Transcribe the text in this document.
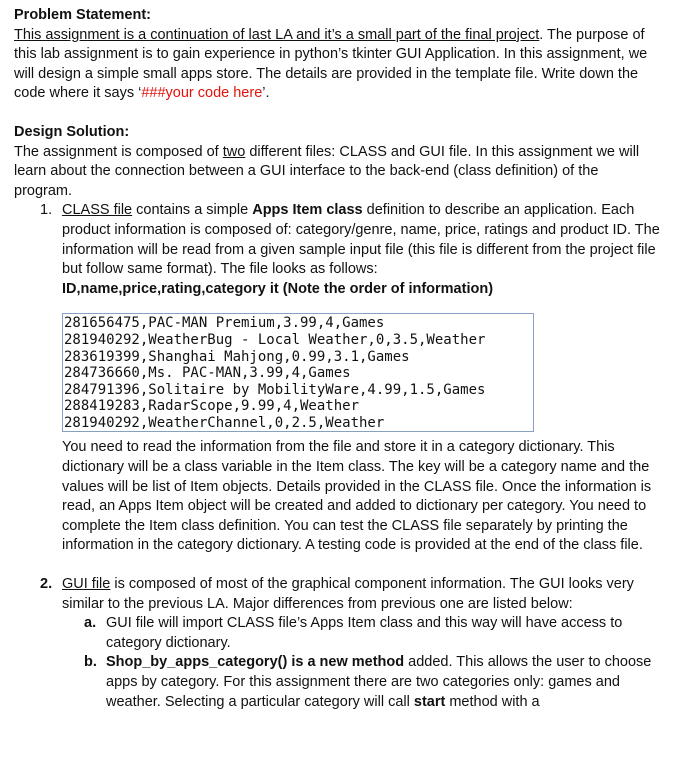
Problem Statement:

This assignment is a continuation of last LA and it’s a small part of the final project. The purpose of this lab assignment is to gain experience in python’s tkinter GUI Application. In this assignment, we will design a simple small apps store. The details are provided in the template file. Write down the code where it says ‘###your code here’.

Design Solution:

The assignment is composed of two different files: CLASS and GUI file. In this assignment we will learn about the connection between a GUI interface to the back-end (class definition) of the program.

1. CLASS file contains a simple Apps Item class definition to describe an application. Each product information is composed of: category/genre, name, price, ratings and product ID. The information will be read from a given sample input file (this file is different from the project file but follow same format). The file looks as follows:

ID,name,price,rating,category it (Note the order of information)

281656475,PAC-MAN Premium,3.99,4,Games
281940292,WeatherBug - Local Weather,0,3.5,Weather
283619399,Shanghai Mahjong,0.99,3.1,Games
284736660,Ms. PAC-MAN,3.99,4,Games
284791396,Solitaire by MobilityWare,4.99,1.5,Games
288419283,RadarScope,9.99,4,Weather
281940292,WeatherChannel,0,2.5,Weather

You need to read the information from the file and store it in a category dictionary. This dictionary will be a class variable in the Item class. The key will be a category name and the values will be list of Item objects. Details provided in the CLASS file. Once the information is read, an Apps Item object will be created and added to dictionary per category. You need to complete the Item class definition. You can test the CLASS file separately by printing the information in the category dictionary. A testing code is provided at the end of the class file.

2. GUI file is composed of most of the graphical component information. The GUI looks very similar to the previous LA. Major differences from previous one are listed below:

a. GUI file will import CLASS file’s Apps Item class and this way will have access to category dictionary.

b. Shop_by_apps_category() is a new method added. This allows the user to choose apps by category. For this assignment there are two categories only: games and weather. Selecting a particular category will call start method with a
